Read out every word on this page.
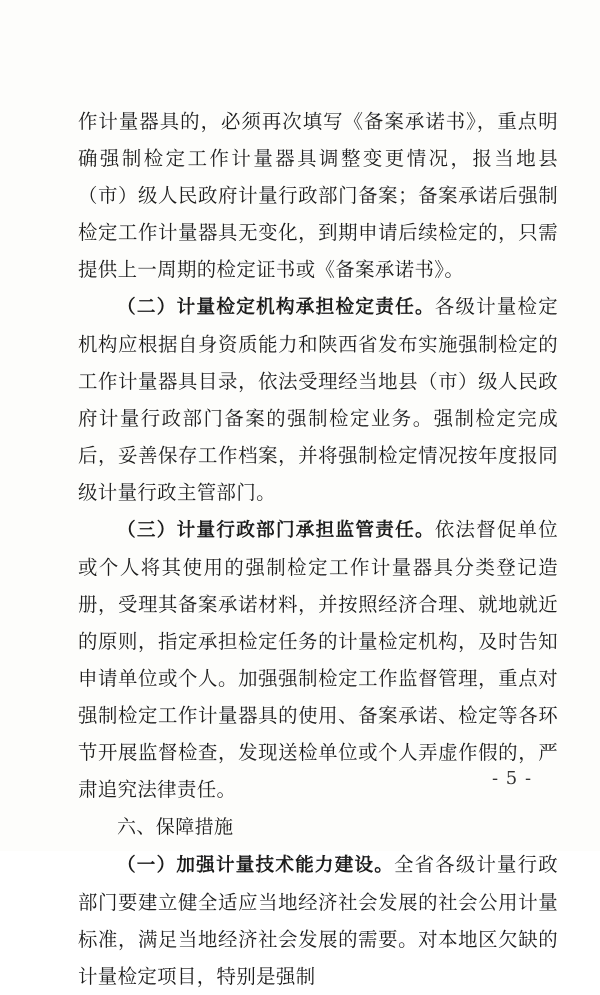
作计量器具的，必须再次填写《备案承诺书》，重点明确强制检定工作计量器具调整变更情况，报当地县（市）级人民政府计量行政部门备案；备案承诺后强制检定工作计量器具无变化，到期申请后续检定的，只需提供上一周期的检定证书或《备案承诺书》。

（二）计量检定机构承担检定责任。各级计量检定机构应根据自身资质能力和陕西省发布实施强制检定的工作计量器具目录，依法受理经当地县（市）级人民政府计量行政部门备案的强制检定业务。强制检定完成后，妥善保存工作档案，并将强制检定情况按年度报同级计量行政主管部门。

（三）计量行政部门承担监管责任。依法督促单位或个人将其使用的强制检定工作计量器具分类登记造册，受理其备案承诺材料，并按照经济合理、就地就近的原则，指定承担检定任务的计量检定机构，及时告知申请单位或个人。加强强制检定工作监督管理，重点对强制检定工作计量器具的使用、备案承诺、检定等各环节开展监督检查，发现送检单位或个人弄虚作假的，严肃追究法律责任。

六、保障措施

（一）加强计量技术能力建设。全省各级计量行政部门要建立健全适应当地经济社会发展的社会公用计量标准，满足当地经济社会发展的需要。对本地区欠缺的计量检定项目，特别是强制

- 5 -
